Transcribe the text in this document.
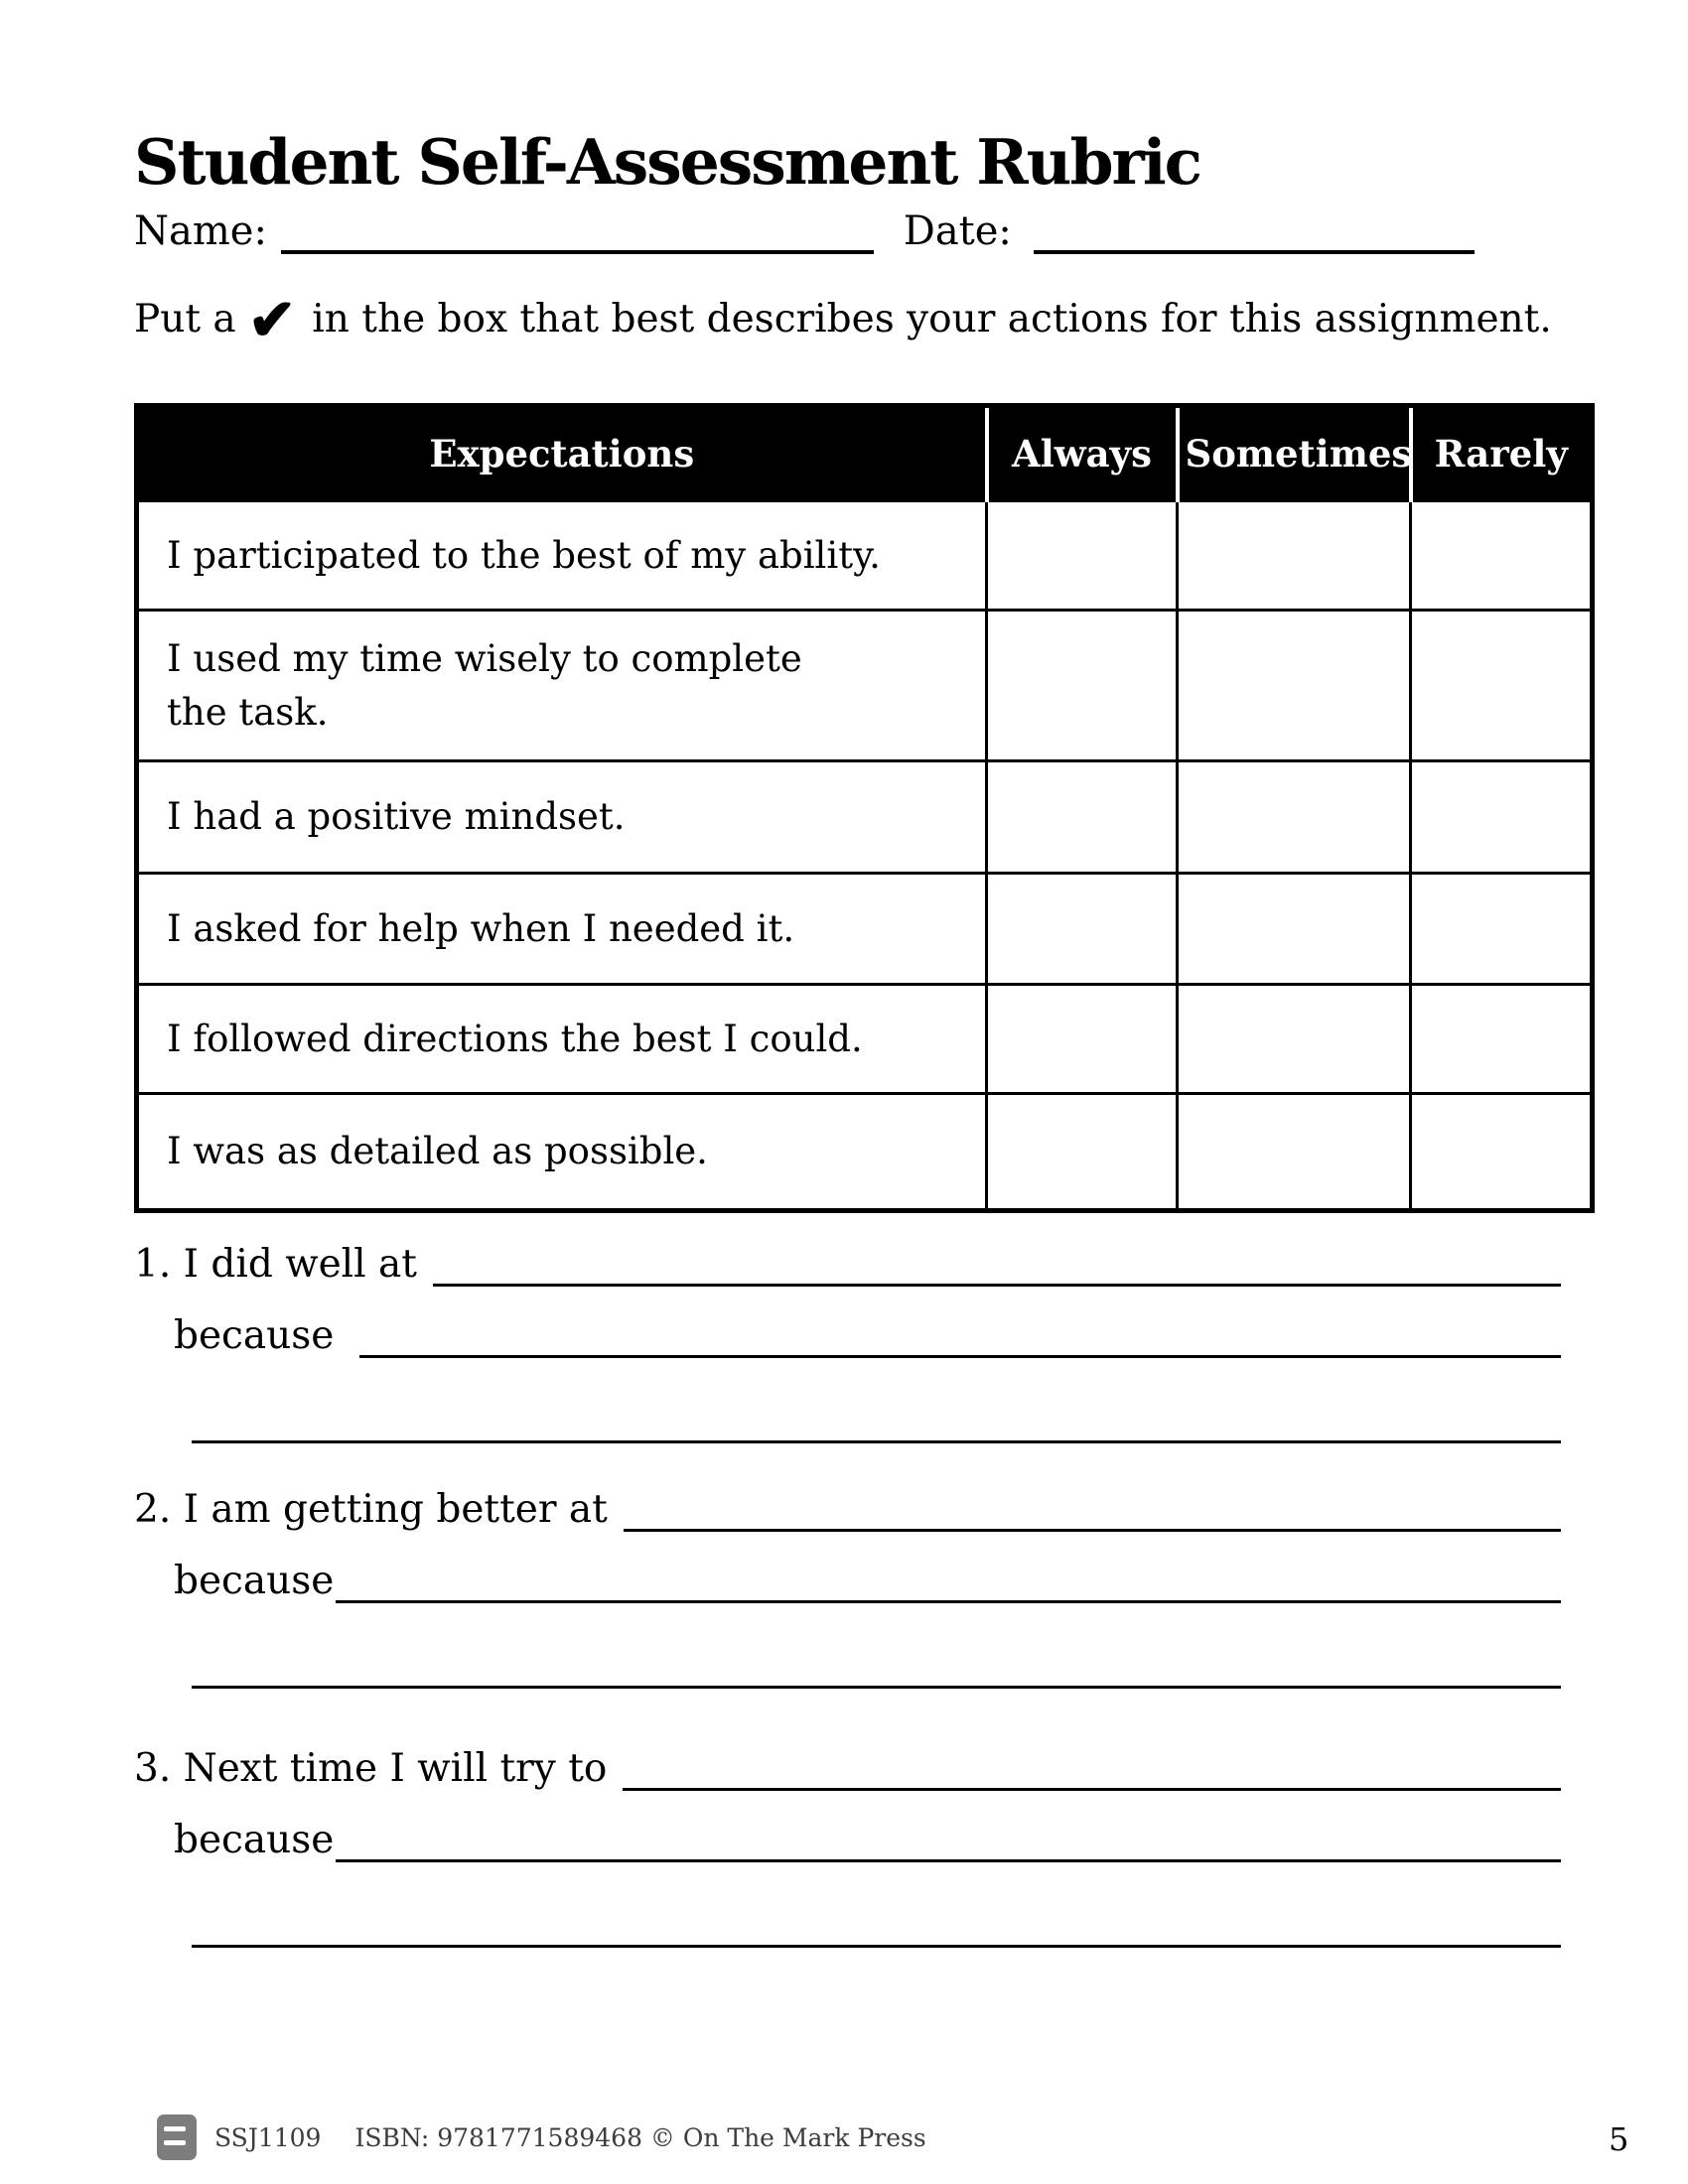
Student Self-Assessment Rubric
Name:	Date:
Put a ✔ in the box that best describes your actions for this assignment.
Expectations	Always	Sometimes	Rarely

I participated to the best of my ability.			

I used my time wisely to complete
the task.			

I had a positive mindset.			

I asked for help when I needed it.			

I followed directions the best I could.			

I was as detailed as possible.			

1. I did well at
because
2. I am getting better at
because
3. Next time I will try to
because
SSJ1109 ISBN: 9781771589468 © On The Mark Press	5
